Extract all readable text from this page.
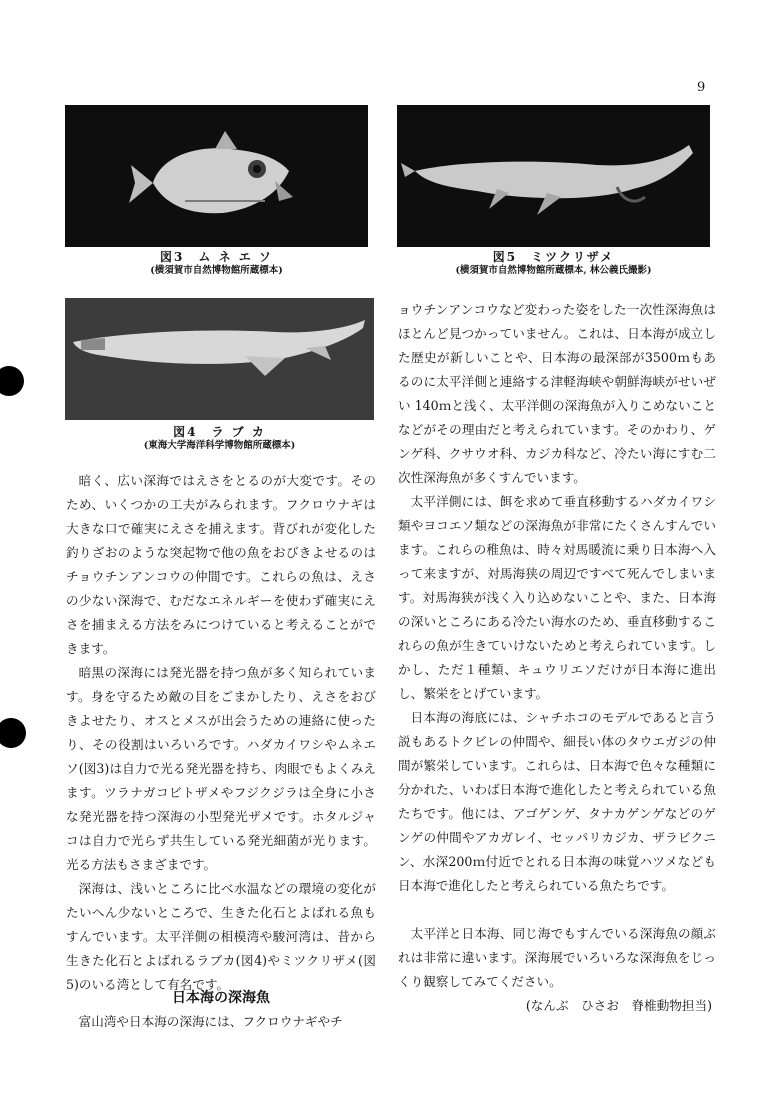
9
図3　ム ネ エ ソ
(横須賀市自然博物館所蔵標本)
図5　ミツクリザメ
(横須賀市自然博物館所蔵標本, 林公義氏撮影)
図4　ラ ブ カ
(東海大学海洋科学博物館所蔵標本)

暗く、広い深海ではえさをとるのが大変です。そのため、いくつかの工夫がみられます。フクロウナギは大きな口で確実にえさを捕えます。背びれが変化した釣りざおのような突起物で他の魚をおびきよせるのはチョウチンアンコウの仲間です。これらの魚は、えさの少ない深海で、むだなエネルギーを使わず確実にえさを捕まえる方法をみにつけていると考えることができます。

暗黒の深海には発光器を持つ魚が多く知られています。身を守るため敵の目をごまかしたり、えさをおびきよせたり、オスとメスが出会うための連絡に使ったり、その役割はいろいろです。ハダカイワシやムネエソ(図3)は自力で光る発光器を持ち、肉眼でもよくみえます。ツラナガコビトザメやフジクジラは全身に小さな発光器を持つ深海の小型発光ザメです。ホタルジャコは自力で光らず共生している発光細菌が光ります。光る方法もさまざまです。

深海は、浅いところに比べ水温などの環境の変化がたいへん少ないところで、生きた化石とよばれる魚もすんでいます。太平洋側の相模湾や駿河湾は、昔から生きた化石とよばれるラブカ(図4)やミツクリザメ(図5)のいる湾として有名です。

日本海の深海魚
富山湾や日本海の深海には、フクロウナギやチ

ョウチンアンコウなど変わった姿をした一次性深海魚はほとんど見つかっていません。これは、日本海が成立した歴史が新しいことや、日本海の最深部が3500ｍもあるのに太平洋側と連絡する津軽海峡や朝鮮海峡がせいぜい 140ｍと浅く、太平洋側の深海魚が入りこめないことなどがその理由だと考えられています。そのかわり、ゲンゲ科、クサウオ科、カジカ科など、冷たい海にすむ二次性深海魚が多くすんでいます。

太平洋側には、餌を求めて垂直移動するハダカイワシ類やヨコエソ類などの深海魚が非常にたくさんすんでいます。これらの稚魚は、時々対馬暖流に乗り日本海へ入って来ますが、対馬海狭の周辺ですべて死んでしまいます。対馬海狭が浅く入り込めないことや、また、日本海の深いところにある冷たい海水のため、垂直移動するこれらの魚が生きていけないためと考えられています。しかし、ただ１種類、キュウリエソだけが日本海に進出し、繁栄をとげています。

日本海の海底には、シャチホコのモデルであると言う説もあるトクビレの仲間や、細長い体のタウエガジの仲間が繁栄しています。これらは、日本海で色々な種類に分かれた、いわば日本海で進化したと考えられている魚たちです。他には、アゴゲンゲ、タナカゲンゲなどのゲンゲの仲間やアカガレイ、セッパリカジカ、ザラビクニン、水深200ｍ付近でとれる日本海の味覚ハツメなども日本海で進化したと考えられている魚たちです。

太平洋と日本海、同じ海でもすんでいる深海魚の顔ぶれは非常に違います。深海展でいろいろな深海魚をじっくり観察してみてください。

(なんぶ　ひさお　脊椎動物担当)
